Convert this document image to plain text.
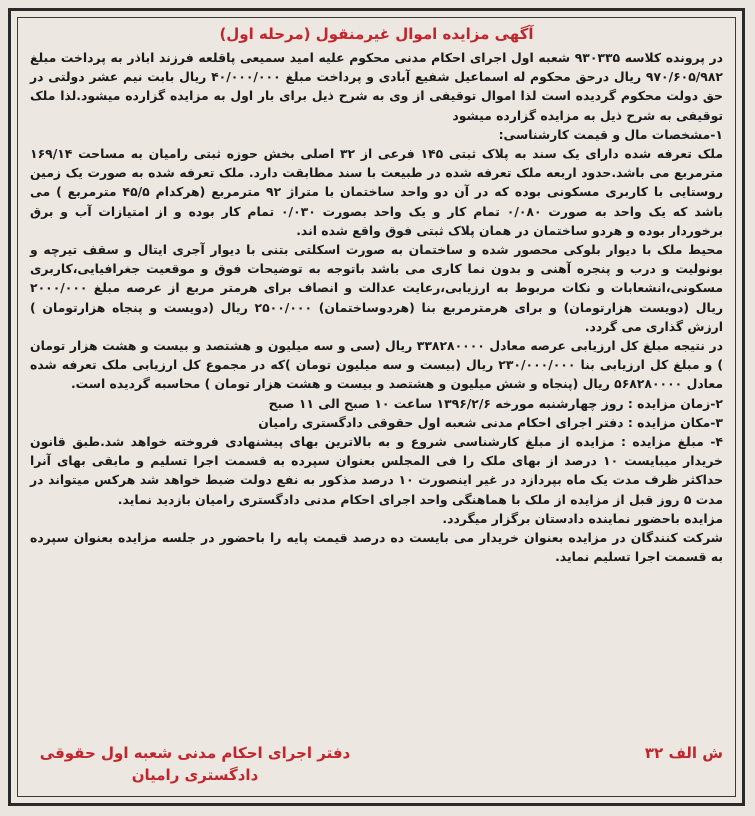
آگهی مزایده اموال غیرمنقول (مرحله اول)

در پرونده کلاسه ۹۳۰۳۳۵ شعبه اول اجرای احکام مدنی محکوم علیه امید سمیعی پاقلعه فرزند اباذر به پرداخت مبلغ ۹۷۰/۶۰۵/۹۸۲ ریال درحق محکوم له اسماعیل شفیع آبادی و پرداخت مبلغ ۴۰/۰۰۰/۰۰۰ ریال بابت نیم عشر دولتی در حق دولت محکوم گردیده است لذا اموال توقیفی از وی به شرح ذیل برای بار اول به مزایده گزارده میشود.لذا ملک توقیفی به شرح ذیل به مزایده گزارده میشود

۱-مشخصات مال و قیمت کارشناسی:

ملک تعرفه شده دارای یک سند به پلاک ثبتی ۱۴۵ فرعی از ۳۲ اصلی بخش حوزه ثبتی رامیان به مساحت ۱۶۹/۱۴ مترمربع می باشد.حدود اربعه ملک تعرفه شده در طبیعت با سند مطابقت دارد. ملک تعرفه شده به صورت یک زمین روستایی با کاربری مسکونی بوده که در آن دو واحد ساختمان با متراژ ۹۲ مترمربع (هرکدام ۴۵/۵ مترمربع ) می باشد که یک واحد به صورت ۰/۰۸۰ تمام کار و یک واحد بصورت ۰/۰۳۰ تمام کار بوده و از امتیازات آب و برق برخوردار بوده و هردو ساختمان در همان پلاک ثبتی فوق واقع شده اند.

محیط ملک با دیوار بلوکی محصور شده و ساختمان به صورت اسکلتی بتنی با دیوار آجری ایتال و سقف تیرچه و بونولیت و درب و پنجره آهنی و بدون نما کاری می باشد باتوجه به توضیحات فوق و موقعیت جغرافیایی،کاربری مسکونی،انشعابات و نکات مربوط به ارزیابی،رعایت عدالت و انصاف برای هرمتر مربع از عرصه مبلغ ۲۰۰۰/۰۰۰ ریال (دویست هزارتومان) و برای هرمترمربع بنا (هردوساختمان) ۲۵۰۰/۰۰۰ ریال (دویست و پنجاه هزارتومان ) ارزش گذاری می گردد.

در نتیجه مبلغ کل ارزیابی عرصه معادل ۳۳۸۲۸۰۰۰۰ ریال (سی و سه میلیون و هشتصد و بیست و هشت هزار تومان ) و مبلغ کل ارزیابی بنا ۲۳۰/۰۰۰/۰۰۰ ریال (بیست و سه میلیون تومان )که در مجموع کل ارزیابی ملک تعرفه شده معادل ۵۶۸۲۸۰۰۰۰ ریال (پنجاه و شش میلیون و هشتصد و بیست و هشت هزار تومان ) محاسبه گردیده است.

۲-زمان مزایده : روز چهارشنبه مورخه ۱۳۹۶/۲/۶ ساعت ۱۰ صبح الی ۱۱ صبح

۳-مکان مزایده : دفتر اجرای احکام مدنی شعبه اول حقوقی دادگستری رامیان

۴- مبلغ مزایده : مزایده از مبلغ کارشناسی شروع و به بالاترین بهای پیشنهادی فروخته خواهد شد.طبق قانون خریدار میبایست ۱۰ درصد از بهای ملک را فی المجلس بعنوان سپرده به قسمت اجرا تسلیم و مابقی بهای آنرا حداکثر ظرف مدت یک ماه بپردازد در غیر اینصورت ۱۰ درصد مذکور به نفع دولت ضبط خواهد شد هرکس میتواند در مدت ۵ روز قبل از مزایده از ملک با هماهنگی واحد اجرای احکام مدنی دادگستری رامیان بازدید نماید.

مزایده باحضور نماینده دادستان برگزار میگردد.

شرکت کنندگان در مزایده بعنوان خریدار می بایست ده درصد قیمت پایه را باحضور در جلسه مزایده بعنوان سپرده به قسمت اجرا تسلیم نماید.

ش الف ۳۲
دفتر اجرای احکام مدنی شعبه اول حقوقی دادگستری رامیان
